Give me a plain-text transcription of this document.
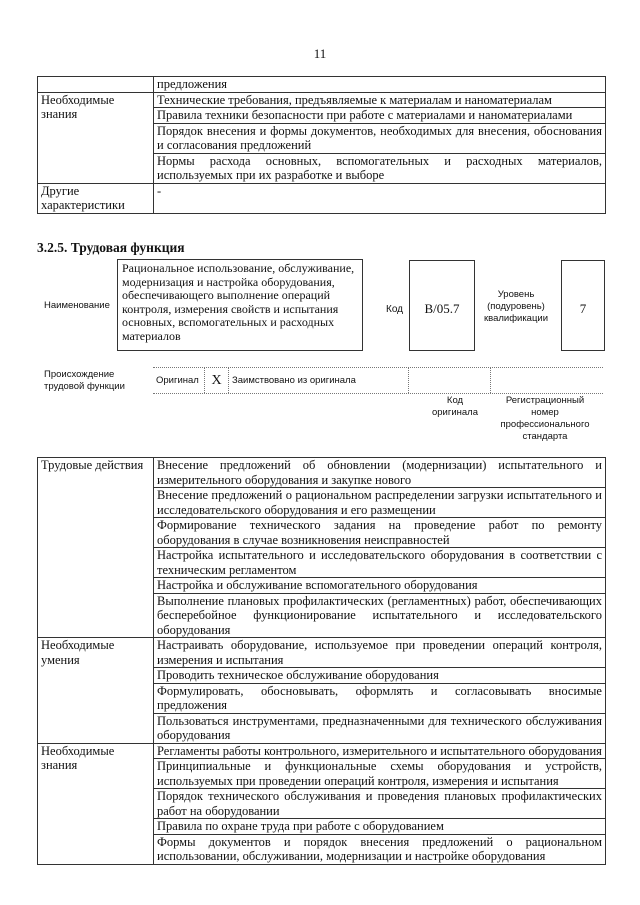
11
	предложения
Необходимые знания	Технические требования, предъявляемые к материалам и наноматериалам
	Правила техники безопасности при работе с материалами и наноматериалами
	Порядок внесения и формы документов, необходимых для внесения, обоснования и согласования предложений
	Нормы расхода основных, вспомогательных и расходных материалов, используемых при их разработке и выборе
Другие характеристики	-
3.2.5. Трудовая функция
Наименование
Рациональное использование, обслуживание, модернизация и настройка оборудования, обеспечивающего выполнение операций контроля, измерения свойств и испытания основных, вспомогательных и расходных материалов
Код	B/05.7
Уровень (подуровень) квалификации
7
Происхождение трудовой функции
Оригинал X	Заимствовано из оригинала
Код оригинала
Регистрационный номер профессионального стандарта
Трудовые действия	Внесение предложений об обновлении (модернизации) испытательного и измерительного оборудования и закупке нового
	Внесение предложений о рациональном распределении загрузки испытательного и исследовательского оборудования и его размещении
	Формирование технического задания на проведение работ по ремонту оборудования в случае возникновения неисправностей
	Настройка испытательного и исследовательского оборудования в соответствии с техническим регламентом
	Настройка и обслуживание вспомогательного оборудования
	Выполнение плановых профилактических (регламентных) работ, обеспечивающих бесперебойное функционирование испытательного и исследовательского оборудования
Необходимые умения	Настраивать оборудование, используемое при проведении операций контроля, измерения и испытания
	Проводить техническое обслуживание оборудования
	Формулировать, обосновывать, оформлять и согласовывать вносимые предложения
	Пользоваться инструментами, предназначенными для технического обслуживания оборудования
Необходимые знания	Регламенты работы контрольного, измерительного и испытательного оборудования
	Принципиальные и функциональные схемы оборудования и устройств, используемых при проведении операций контроля, измерения и испытания
	Порядок технического обслуживания и проведения плановых профилактических работ на оборудовании
	Правила по охране труда при работе с оборудованием
	Формы документов и порядок внесения предложений о рациональном использовании, обслуживании, модернизации и настройке оборудования
